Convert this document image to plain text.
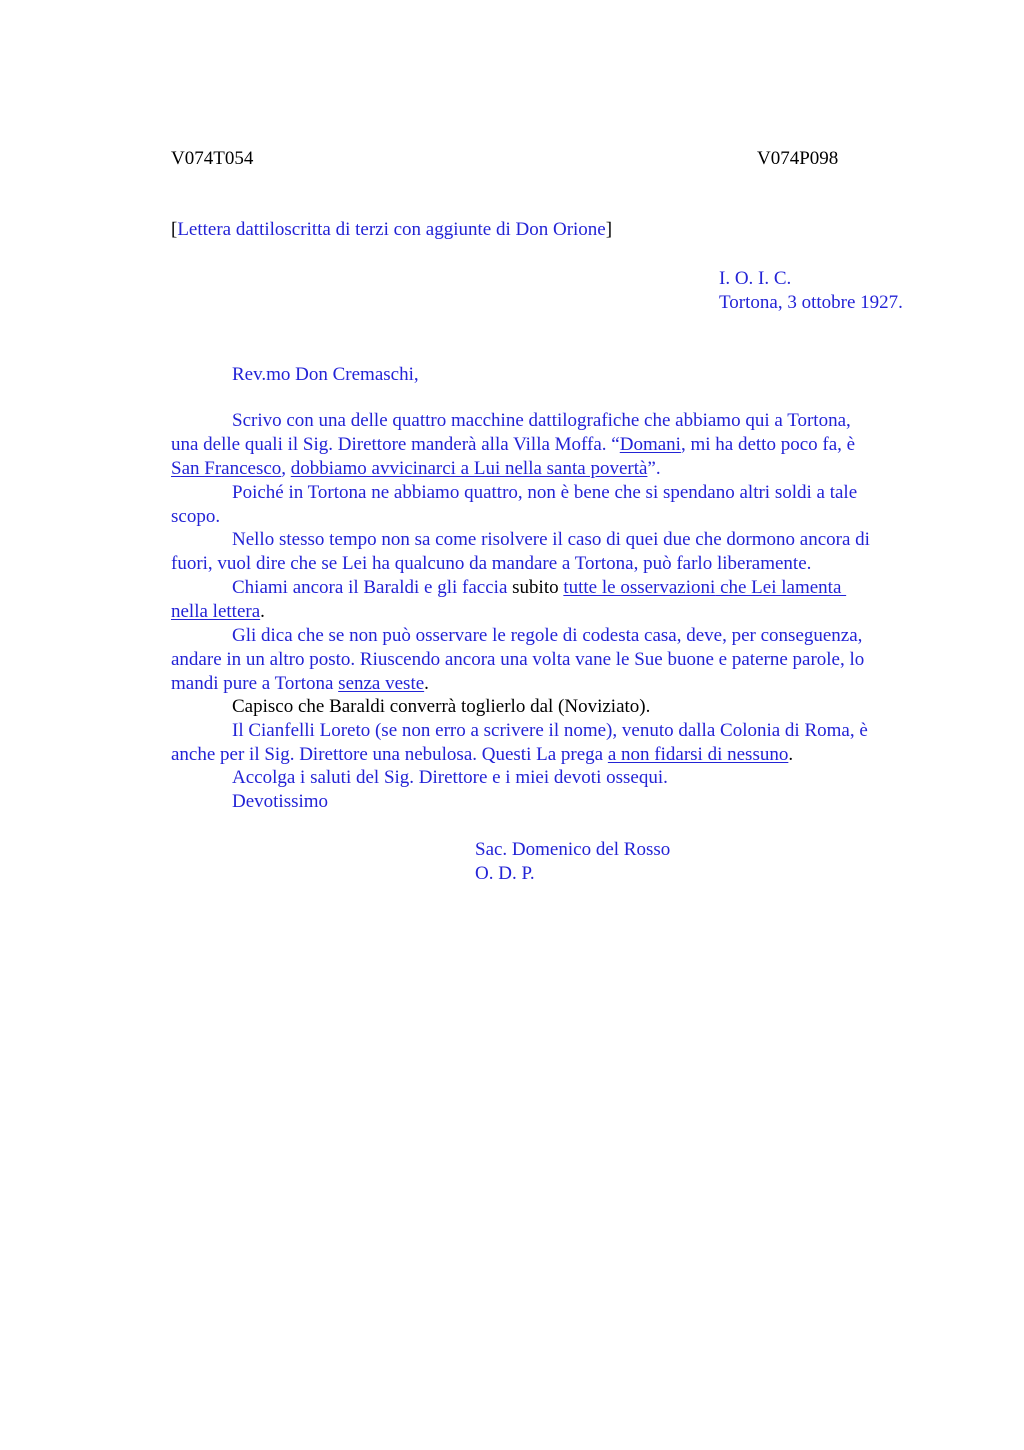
V074T054	V074P098
[Lettera dattiloscritta di terzi con aggiunte di Don Orione]
I. O. I. C.
Tortona, 3 ottobre 1927.
Rev.mo Don Cremaschi,
Scrivo con una delle quattro macchine dattilografiche che abbiamo qui a Tortona,
una delle quali il Sig. Direttore manderà alla Villa Moffa. “Domani, mi ha detto poco fa, è
San Francesco, dobbiamo avvicinarci a Lui nella santa povertà”.
Poiché in Tortona ne abbiamo quattro, non è bene che si spendano altri soldi a tale
scopo.
Nello stesso tempo non sa come risolvere il caso di quei due che dormono ancora di
fuori, vuol dire che se Lei ha qualcuno da mandare a Tortona, può farlo liberamente.
Chiami ancora il Baraldi e gli faccia subito tutte le osservazioni che Lei lamenta
nella lettera.
Gli dica che se non può osservare le regole di codesta casa, deve, per conseguenza,
andare in un altro posto. Riuscendo ancora una volta vane le Sue buone e paterne parole, lo
mandi pure a Tortona senza veste.
Capisco che Baraldi converrà toglierlo dal (Noviziato).
Il Cianfelli Loreto (se non erro a scrivere il nome), venuto dalla Colonia di Roma, è
anche per il Sig. Direttore una nebulosa. Questi La prega a non fidarsi di nessuno.
Accolga i saluti del Sig. Direttore e i miei devoti ossequi.
Devotissimo
Sac. Domenico del Rosso
O. D. P.
